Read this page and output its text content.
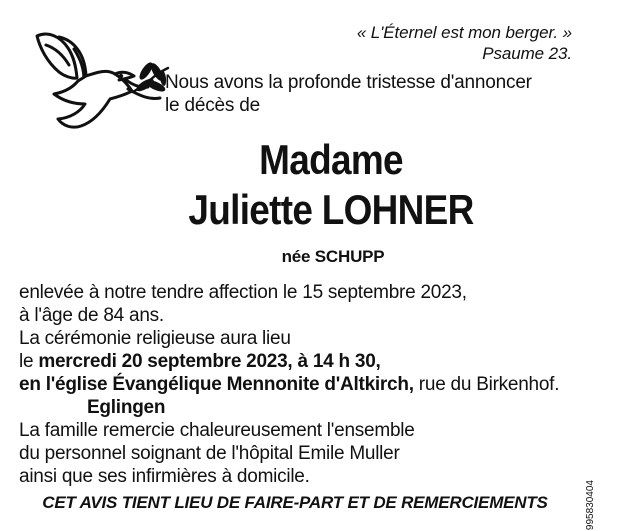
« L'Éternel est mon berger. »
Psaume 23.
Nous avons la profonde tristesse d'annoncer
le décès de
Madame
Juliette LOHNER
née SCHUPP
enlevée à notre tendre affection le 15 septembre 2023,
à l'âge de 84 ans.
La cérémonie religieuse aura lieu
le mercredi 20 septembre 2023, à 14 h 30,
en l'église Évangélique Mennonite d'Altkirch, rue du Birkenhof.
Eglingen
La famille remercie chaleureusement l'ensemble
du personnel soignant de l'hôpital Emile Muller
ainsi que ses infirmières à domicile.
CET AVIS TIENT LIEU DE FAIRE-PART ET DE REMERCIEMENTS	995830404
